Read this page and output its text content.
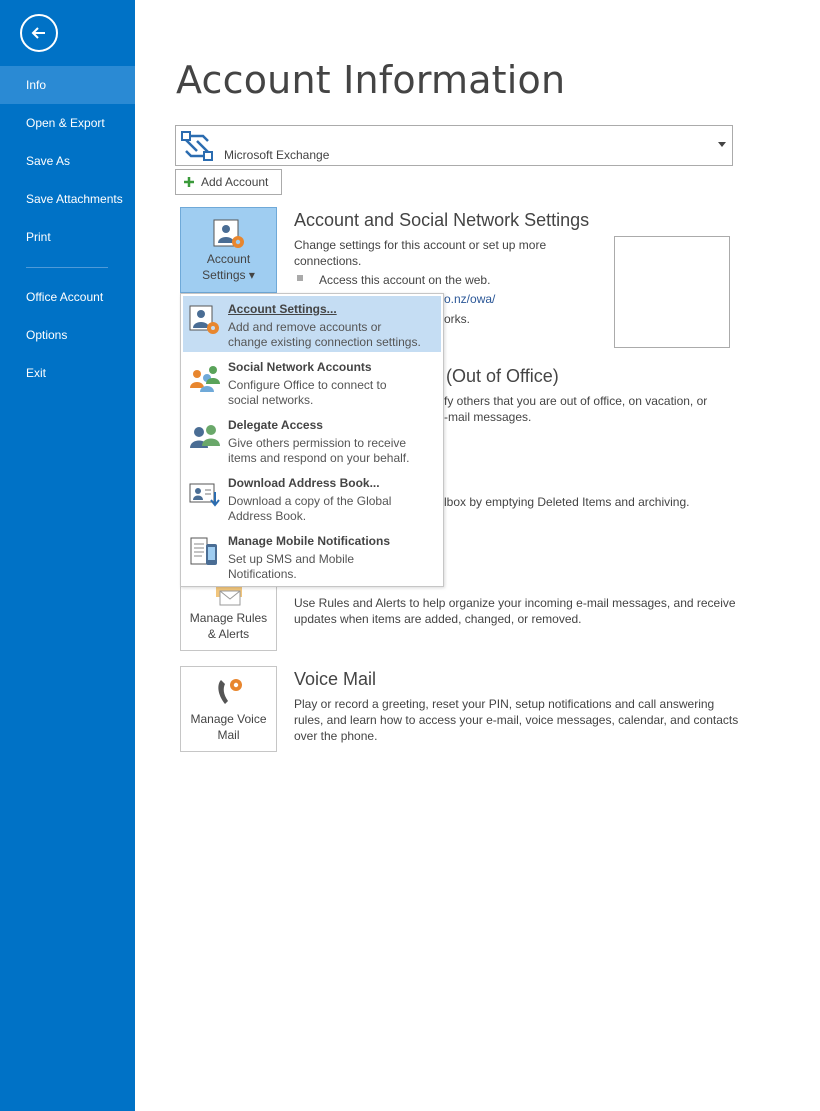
Info
Open & Export
Save As
Save Attachments
Print
Office Account
Options
Exit
Account Information
Microsoft Exchange
Add Account
Account
Settings ▾
Account and Social Network Settings

Change settings for this account or set up more

connections.

Access this account on the web.

o.nz/owa/

orks.

(Out of Office)

fy others that you are out of office, on vacation, or

-mail messages.

lbox by emptying Deleted Items and archiving.

Manage Rules
& Alerts

Use Rules and Alerts to help organize your incoming e-mail messages, and receive

updates when items are added, changed, or removed.

Manage Voice
Mail
Voice Mail

Play or record a greeting, reset your PIN, setup notifications and call answering

rules, and learn how to access your e-mail, voice messages, calendar, and contacts

over the phone.

Account Settings...
Add and remove accounts or
change existing connection settings.
Social Network Accounts
Configure Office to connect to
social networks.
Delegate Access
Give others permission to receive
items and respond on your behalf.
Download Address Book...
Download a copy of the Global
Address Book.
Manage Mobile Notifications
Set up SMS and Mobile
Notifications.
